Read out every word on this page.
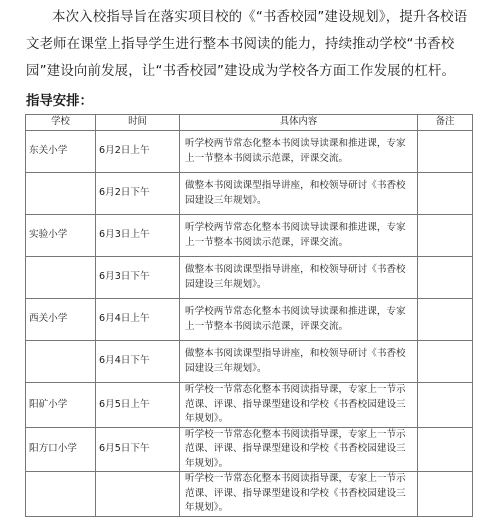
本次入校指导旨在落实项目校的《“书香校园”建设规划》，提升各校语文老师在课堂上指导学生进行整本书阅读的能力，持续推动学校“书香校园”建设向前发展，让“书香校园”建设成为学校各方面工作发展的杠杆。

指导安排：
学校	时间	具体内容	备注
东关小学	6月2日上午	听学校两节常态化整本书阅读导读课和推进课，专家上一节整本书阅读示范课，评课交流。	
	6月2日下午	做整本书阅读课型指导讲座，和校领导研讨《书香校园建设三年规划》。	
实验小学	6月3日上午	听学校两节常态化整本书阅读导读课和推进课，专家上一节整本书阅读示范课，评课交流。	
	6月3日下午	做整本书阅读课型指导讲座，和校领导研讨《书香校园建设三年规划》。	
西关小学	6月4日上午	听学校两节常态化整本书阅读导读课和推进课，专家上一节整本书阅读示范课，评课交流。	
	6月4日下午	做整本书阅读课型指导讲座，和校领导研讨《书香校园建设三年规划》。	
阳矿小学	6月5日上午	听学校一节常态化整本书阅读指导课，专家上一节示范课、评课、指导课型建设和学校《书香校园建设三年规划》。	
阳方口小学	6月5日下午	听学校一节常态化整本书阅读指导课，专家上一节示范课、评课、指导课型建设和学校《书香校园建设三年规划》。	
		听学校一节常态化整本书阅读指导课，专家上一节示范课、评课、指导课型建设和学校《书香校园建设三年规划》。	
